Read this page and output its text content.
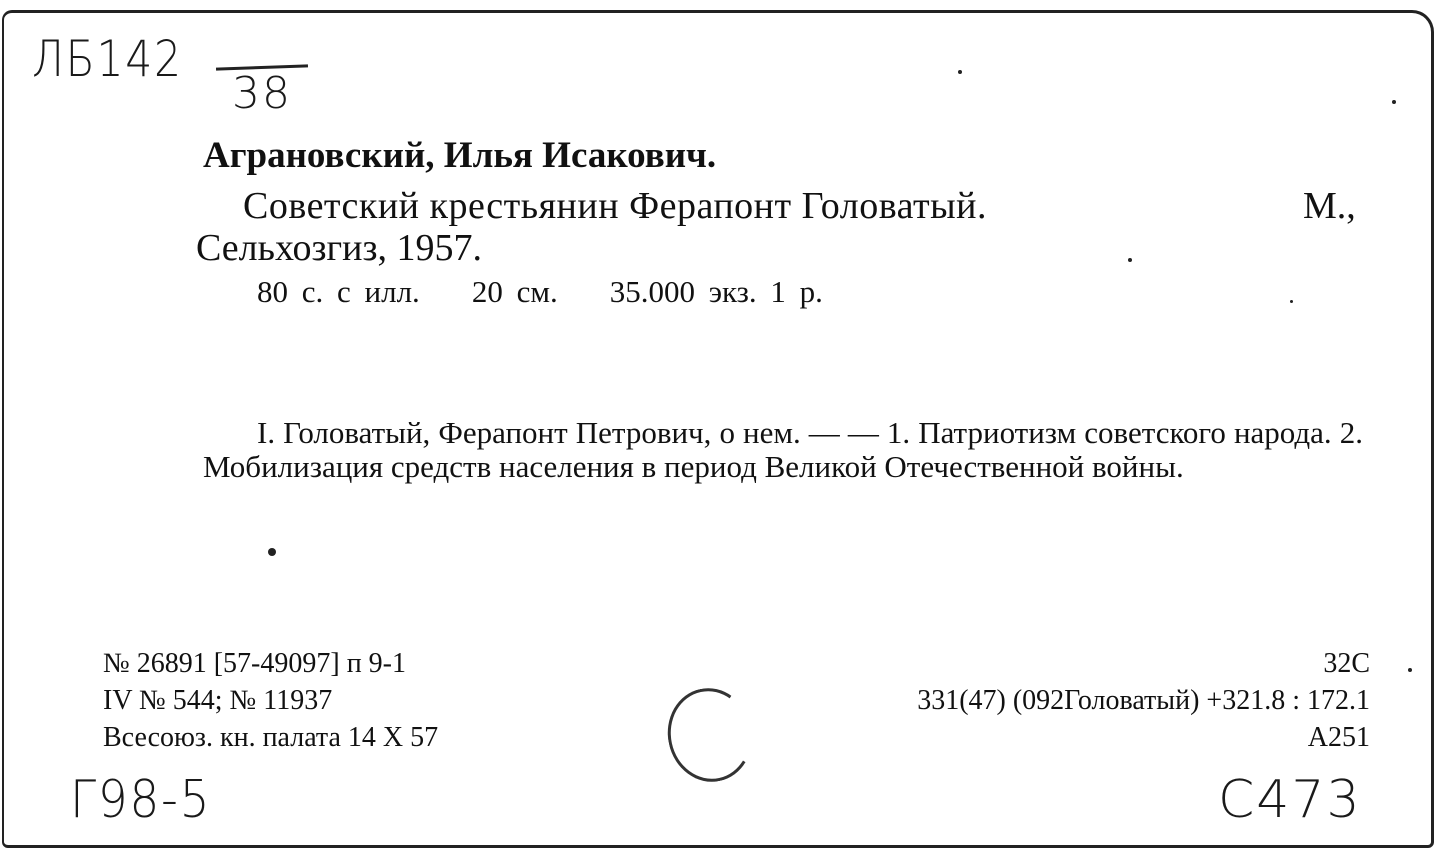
ЛБ142
38
Аграновский, Илья Исакович.
Советский крестьянин Ферапонт Головатый.	М.,
Сельхозгиз, 1957.
80 с. с илл. 20 см. 35.000 экз. 1 р.
I. Головатый, Ферапонт Петрович, о нем. — — 1. Патриотизм советского народа. 2. Мобилизация средств населения в период Великой Отечественной войны.
№ 26891 [57-49097] п 9-1
IV № 544; № 11937
Всесоюз. кн. палата 14 X 57
32С
331(47) (092Головатый) +321.8 : 172.1
А251
Г98-5	С473
